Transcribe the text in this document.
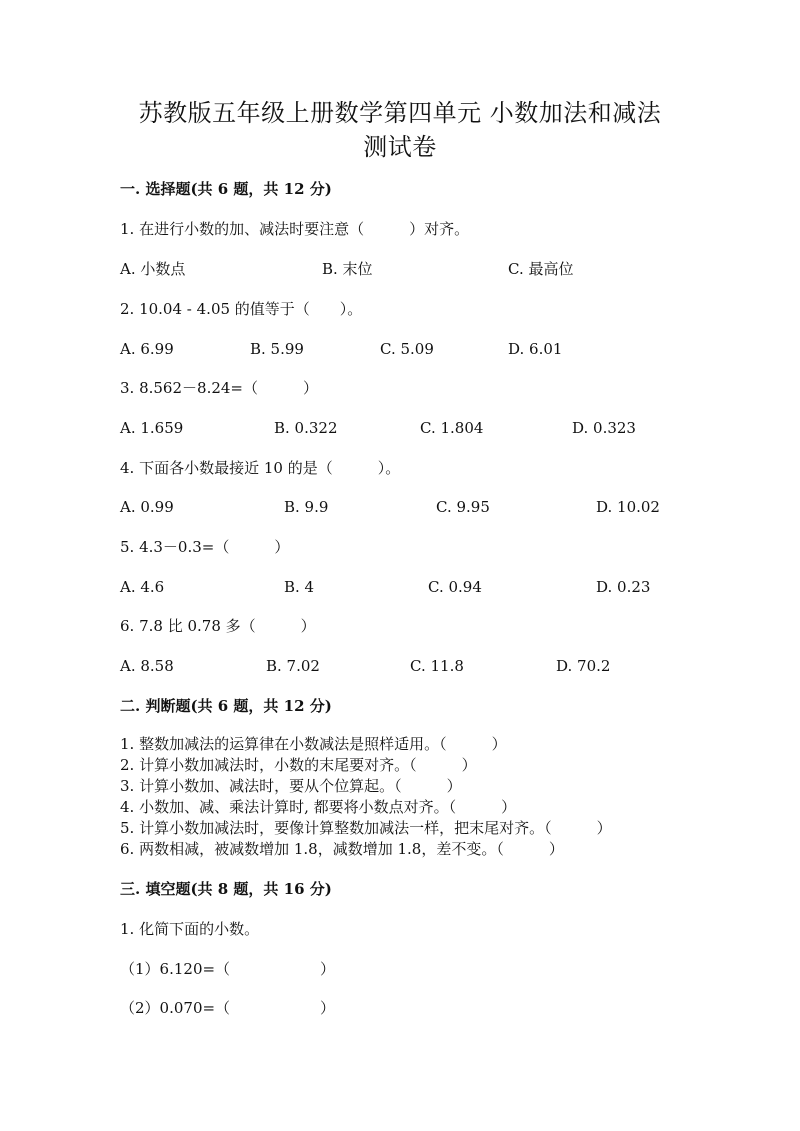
苏教版五年级上册数学第四单元 小数加法和减法
测试卷
一. 选择题(共 6 题，共 12 分)
1. 在进行小数的加、减法时要注意（　　　）对齐。
A. 小数点	B. 末位	C. 最高位
2. 10.04 - 4.05 的值等于（　　）。
A. 6.99	B. 5.99	C. 5.09	D. 6.01
3. 8.562－8.24=（　　　）
A. 1.659	B. 0.322	C. 1.804	D. 0.323
4. 下面各小数最接近 10 的是（　　　）。
A. 0.99	B. 9.9	C. 9.95	D. 10.02
5. 4.3－0.3=（　　　）
A. 4.6	B. 4	C. 0.94	D. 0.23
6. 7.8 比 0.78 多（　　　）
A. 8.58	B. 7.02	C. 11.8	D. 70.2
二. 判断题(共 6 题，共 12 分)
1. 整数加减法的运算律在小数减法是照样适用。（　　　）
2. 计算小数加减法时，小数的末尾要对齐。（　　　）
3. 计算小数加、减法时，要从个位算起。（　　　）
4. 小数加、减、乘法计算时, 都要将小数点对齐。（　　　）
5. 计算小数加减法时，要像计算整数加减法一样，把末尾对齐。（　　　）
6. 两数相减，被减数增加 1.8，减数增加 1.8，差不变。（　　　）
三. 填空题(共 8 题，共 16 分)
1. 化简下面的小数。
（1）6.120=（　　　　　　）
（2）0.070=（　　　　　　）
